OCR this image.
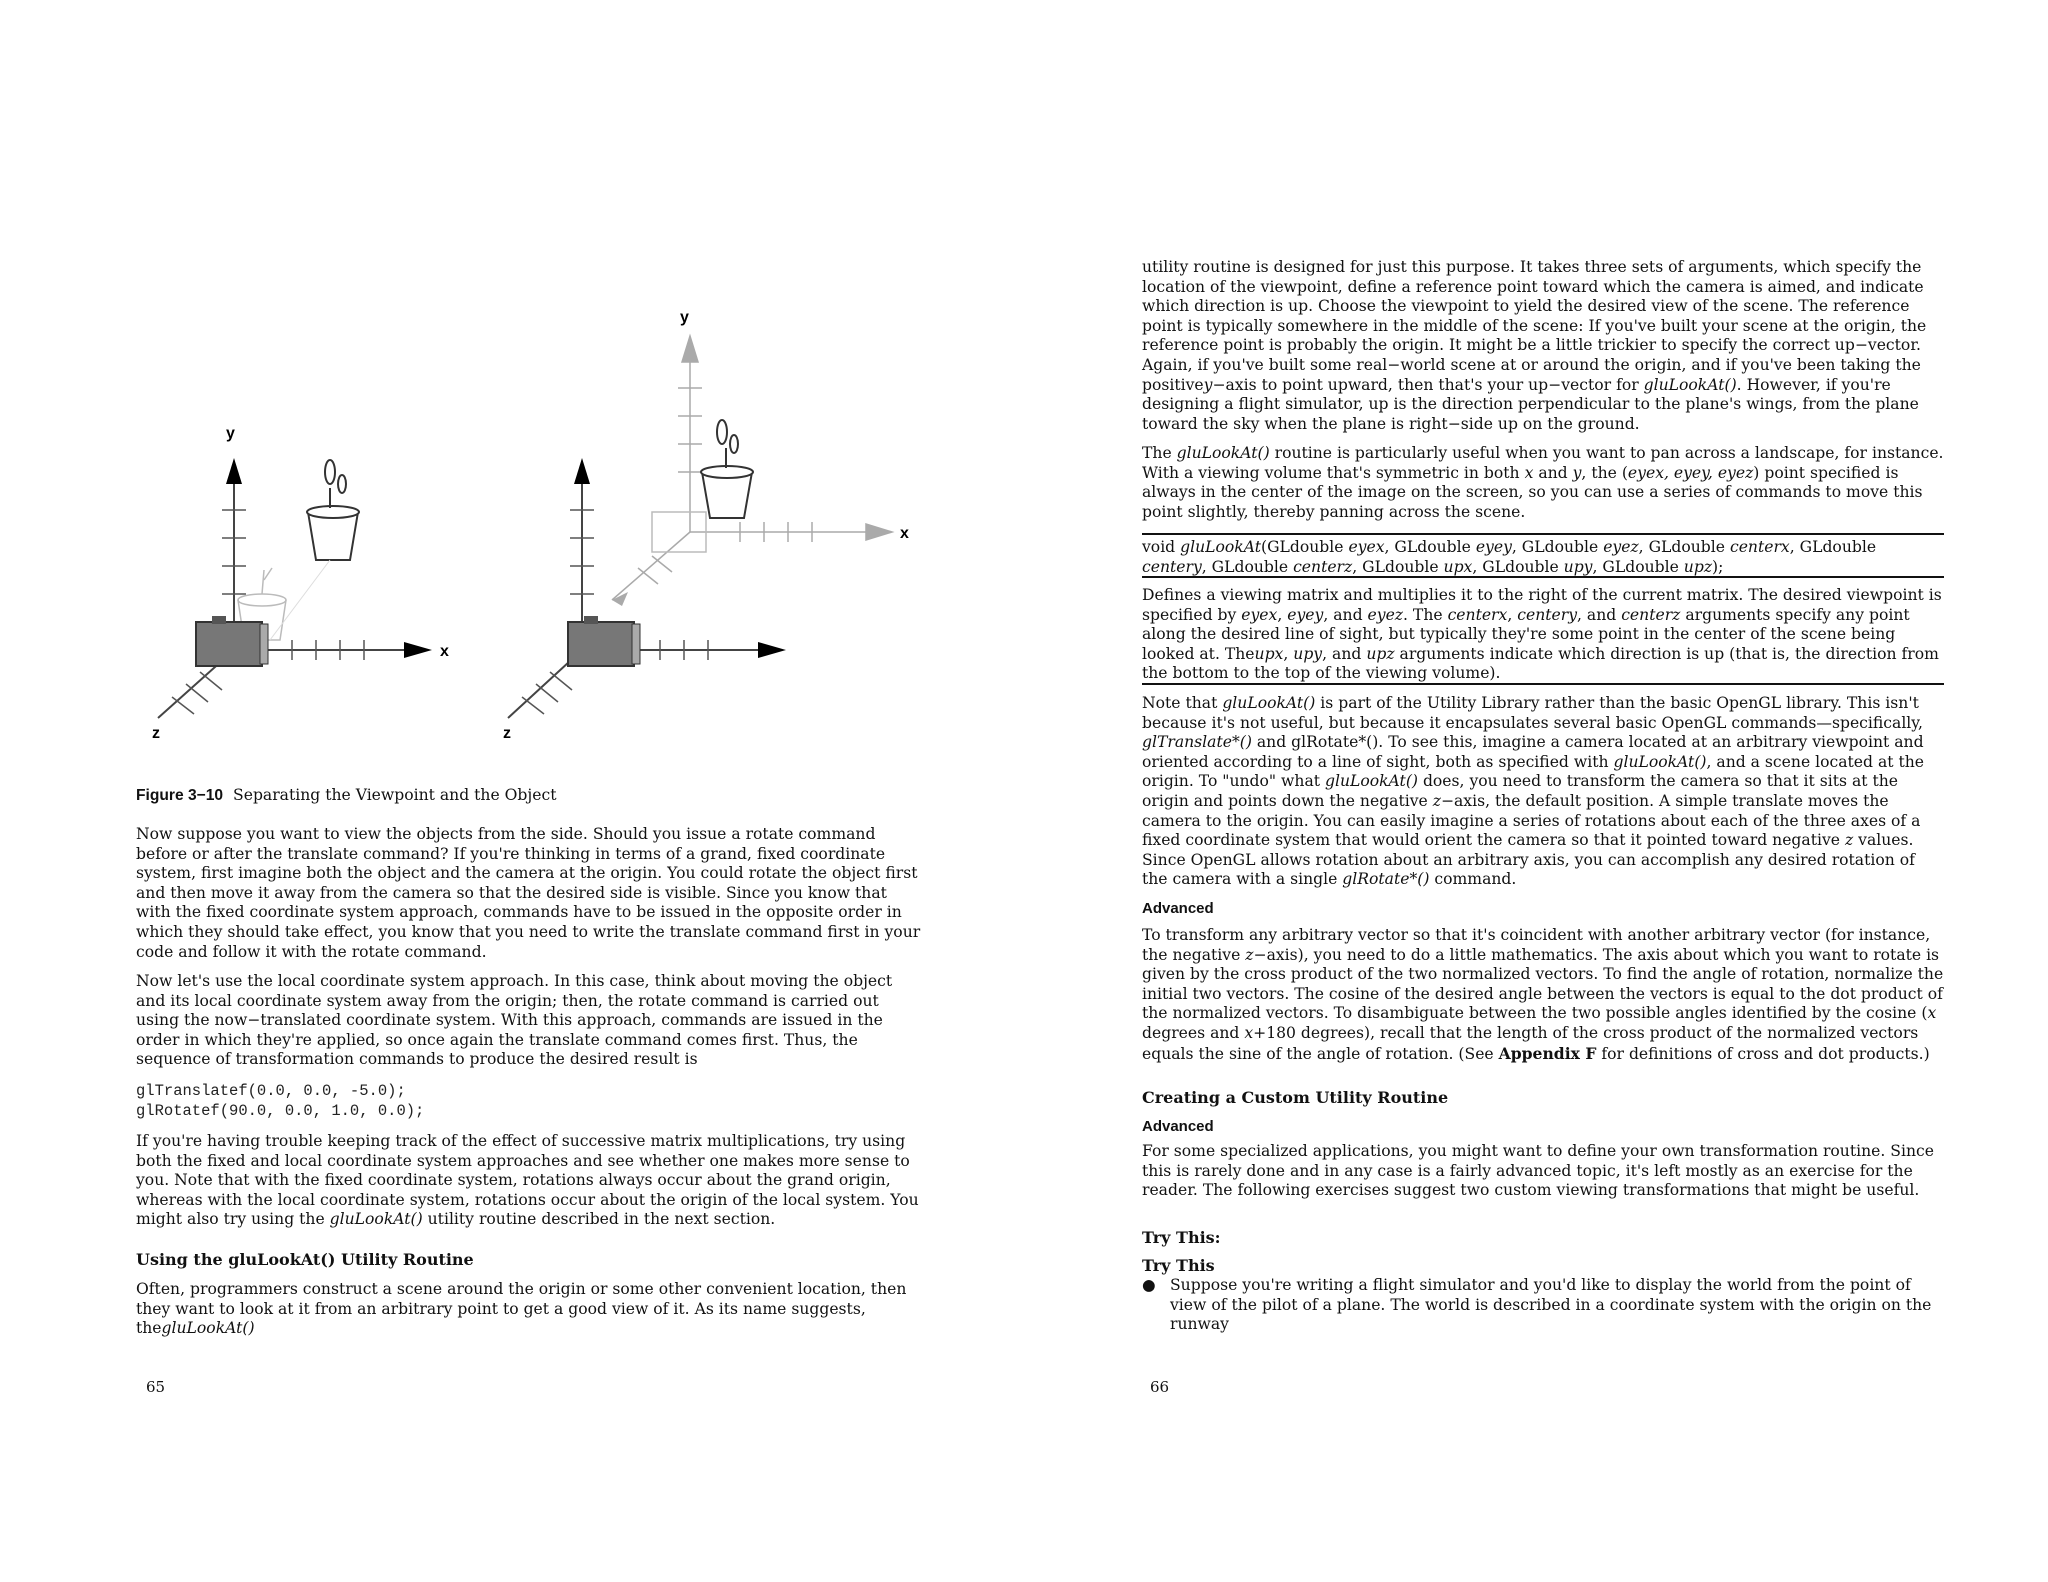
y
x
z	z
y
x
Figure 3−10 Separating the Viewpoint and the Object

Now suppose you want to view the objects from the side. Should you issue a rotate command before or after the translate command? If you're thinking in terms of a grand, fixed coordinate system, first imagine both the object and the camera at the origin. You could rotate the object first and then move it away from the camera so that the desired side is visible. Since you know that with the fixed coordinate system approach, commands have to be issued in the opposite order in which they should take effect, you know that you need to write the translate command first in your code and follow it with the rotate command.

Now let's use the local coordinate system approach. In this case, think about moving the object and its local coordinate system away from the origin; then, the rotate command is carried out using the now−translated coordinate system. With this approach, commands are issued in the order in which they're applied, so once again the translate command comes first. Thus, the sequence of transformation commands to produce the desired result is

glTranslatef(0.0, 0.0, -5.0);
glRotatef(90.0, 0.0, 1.0, 0.0);

If you're having trouble keeping track of the effect of successive matrix multiplications, try using both the fixed and local coordinate system approaches and see whether one makes more sense to you. Note that with the fixed coordinate system, rotations always occur about the grand origin, whereas with the local coordinate system, rotations occur about the origin of the local system. You might also try using the gluLookAt() utility routine described in the next section.

Using the gluLookAt() Utility Routine

Often, programmers construct a scene around the origin or some other convenient location, then they want to look at it from an arbitrary point to get a good view of it. As its name suggests, thegluLookAt()

65

utility routine is designed for just this purpose. It takes three sets of arguments, which specify the location of the viewpoint, define a reference point toward which the camera is aimed, and indicate which direction is up. Choose the viewpoint to yield the desired view of the scene. The reference point is typically somewhere in the middle of the scene: If you've built your scene at the origin, the reference point is probably the origin. It might be a little trickier to specify the correct up−vector. Again, if you've built some real−world scene at or around the origin, and if you've been taking the positivey−axis to point upward, then that's your up−vector for gluLookAt(). However, if you're designing a flight simulator, up is the direction perpendicular to the plane's wings, from the plane toward the sky when the plane is right−side up on the ground.

The gluLookAt() routine is particularly useful when you want to pan across a landscape, for instance. With a viewing volume that's symmetric in both x and y, the (eyex, eyey, eyez) point specified is always in the center of the image on the screen, so you can use a series of commands to move this point slightly, thereby panning across the scene.

void gluLookAt(GLdouble eyex, GLdouble eyey, GLdouble eyez, GLdouble centerx, GLdouble centery, GLdouble centerz, GLdouble upx, GLdouble upy, GLdouble upz);

Defines a viewing matrix and multiplies it to the right of the current matrix. The desired viewpoint is specified by eyex, eyey, and eyez. The centerx, centery, and centerz arguments specify any point along the desired line of sight, but typically they're some point in the center of the scene being looked at. Theupx, upy, and upz arguments indicate which direction is up (that is, the direction from the bottom to the top of the viewing volume).

Note that gluLookAt() is part of the Utility Library rather than the basic OpenGL library. This isn't because it's not useful, but because it encapsulates several basic OpenGL commands—specifically, glTranslate*() and glRotate*(). To see this, imagine a camera located at an arbitrary viewpoint and oriented according to a line of sight, both as specified with gluLookAt(), and a scene located at the origin. To "undo" what gluLookAt() does, you need to transform the camera so that it sits at the origin and points down the negative z−axis, the default position. A simple translate moves the camera to the origin. You can easily imagine a series of rotations about each of the three axes of a fixed coordinate system that would orient the camera so that it pointed toward negative z values. Since OpenGL allows rotation about an arbitrary axis, you can accomplish any desired rotation of the camera with a single glRotate*() command.

Advanced

To transform any arbitrary vector so that it's coincident with another arbitrary vector (for instance, the negative z−axis), you need to do a little mathematics. The axis about which you want to rotate is given by the cross product of the two normalized vectors. To find the angle of rotation, normalize the initial two vectors. The cosine of the desired angle between the vectors is equal to the dot product of the normalized vectors. To disambiguate between the two possible angles identified by the cosine (x degrees and x+180 degrees), recall that the length of the cross product of the normalized vectors equals the sine of the angle of rotation. (See Appendix F for definitions of cross and dot products.)

Creating a Custom Utility Routine
Advanced

For some specialized applications, you might want to define your own transformation routine. Since this is rarely done and in any case is a fairly advanced topic, it's left mostly as an exercise for the reader. The following exercises suggest two custom viewing transformations that might be useful.

Try This:
Try This
● Suppose you're writing a flight simulator and you'd like to display the world from the point of view of the pilot of a plane. The world is described in a coordinate system with the origin on the runway

66
